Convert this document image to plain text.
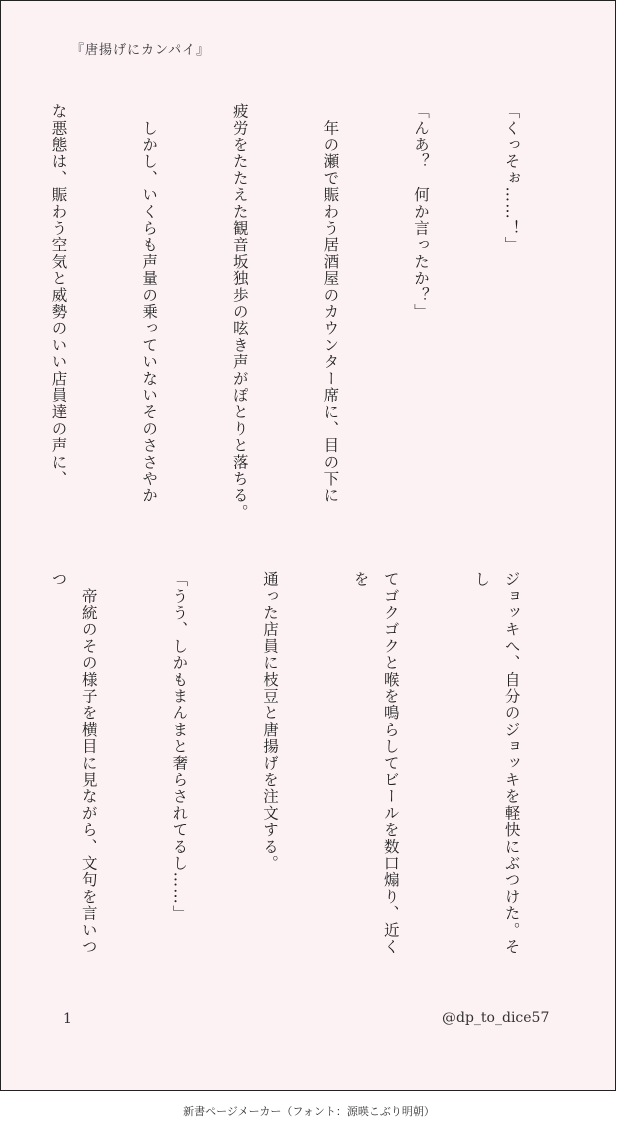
『唐揚げにカンパイ』

「くっそぉ……！」

「んあ？　何か言ったか？」

　年の瀬で賑わう居酒屋のカウンター席に、目の下に

疲労をたたえた観音坂独歩の呟き声がぽとりと落ちる。

　しかし、いくらも声量の乗っていないそのささやか

な悪態は、賑わう空気と威勢のいい店員達の声に、

ジョッキへ、自分のジョッキを軽快にぶつけた。そし

てゴクゴクと喉を鳴らしてビールを数口煽り、近くを

通った店員に枝豆と唐揚げを注文する。

「うう、しかもまんまと奢らされてるし……」

　帝統のその様子を横目に見ながら、文句を言いつつ

1	@dp_to_dice57
新書ページメーカー（フォント：源暎こぶり明朝）
